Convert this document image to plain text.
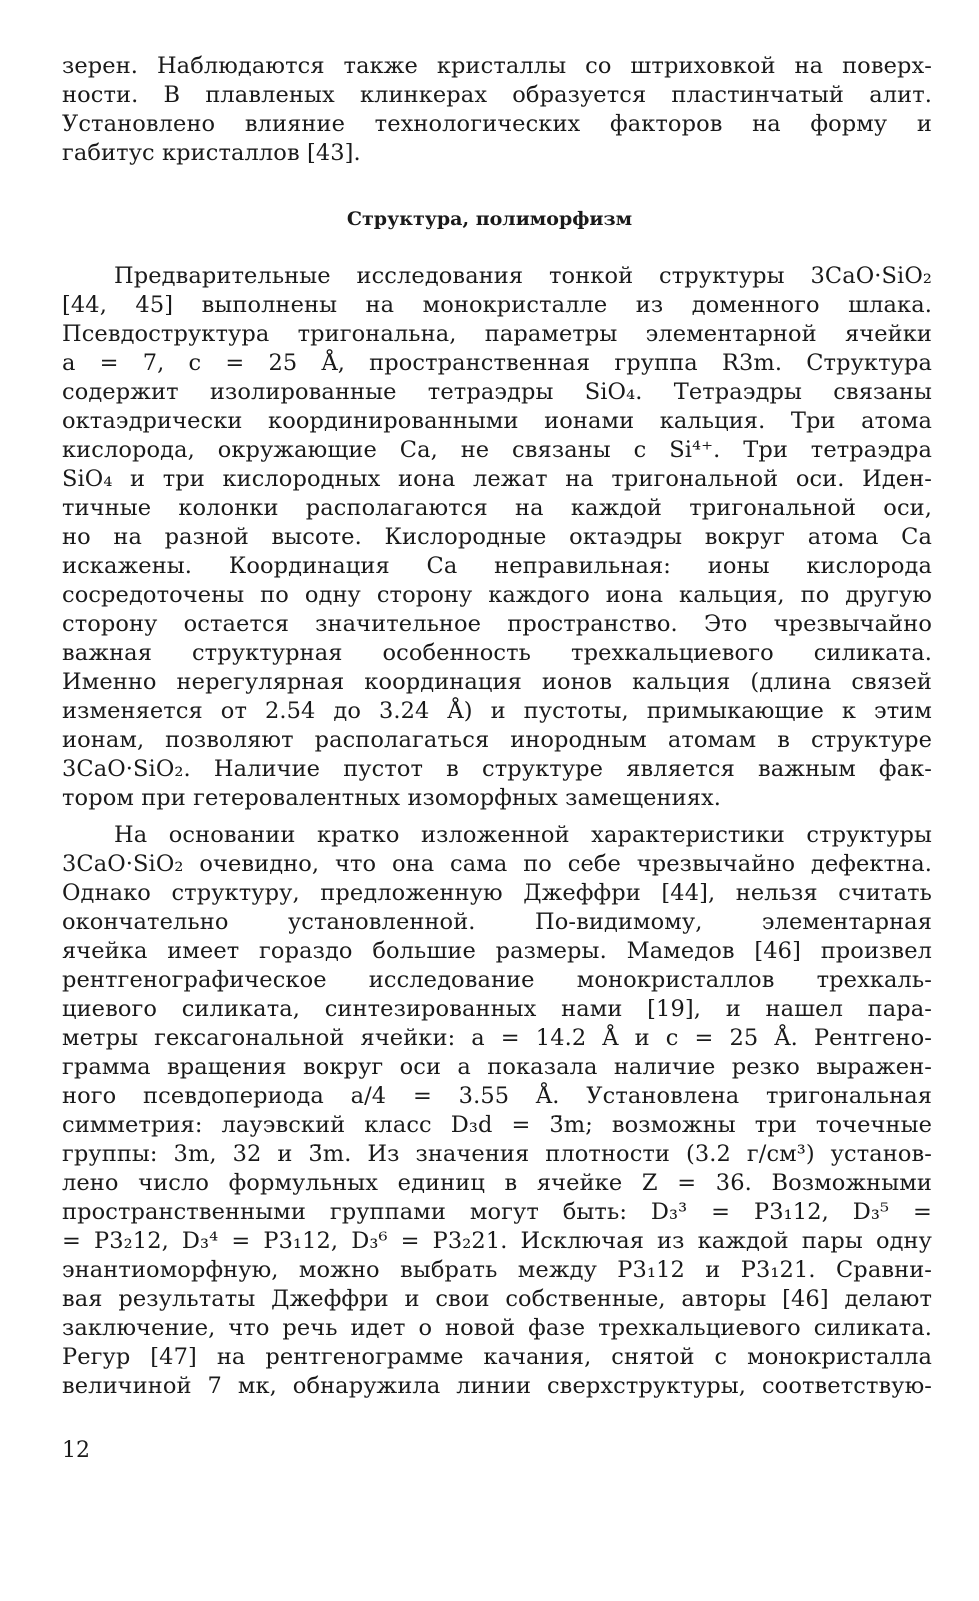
зерен. Наблюдаются также кристаллы со штриховкой на поверх-
ности. В плавленых клинкерах образуется пластинчатый алит.
Установлено влияние технологических факторов на форму и
габитус кристаллов [43].
Структура, полиморфизм
Предварительные исследования тонкой структуры 3CaO·SiO₂
[44, 45] выполнены на монокристалле из доменного шлака.
Псевдоструктура тригональна, параметры элементарной ячейки
a = 7, c = 25 Å, пространственная группа R3m. Структура
содержит изолированные тетраэдры SiO₄. Тетраэдры связаны
октаэдрически координированными ионами кальция. Три атома
кислорода, окружающие Ca, не связаны с Si⁴⁺. Три тетраэдра
SiO₄ и три кислородных иона лежат на тригональной оси. Иден-
тичные колонки располагаются на каждой тригональной оси,
но на разной высоте. Кислородные октаэдры вокруг атома Ca
искажены. Координация Ca неправильная: ионы кислорода
сосредоточены по одну сторону каждого иона кальция, по другую
сторону остается значительное пространство. Это чрезвычайно
важная структурная особенность трехкальциевого силиката.
Именно нерегулярная координация ионов кальция (длина связей
изменяется от 2.54 до 3.24 Å) и пустоты, примыкающие к этим
ионам, позволяют располагаться инородным атомам в структуре
3CaO·SiO₂. Наличие пустот в структуре является важным фак-
тором при гетеровалентных изоморфных замещениях.
На основании кратко изложенной характеристики структуры
3CaO·SiO₂ очевидно, что она сама по себе чрезвычайно дефектна.
Однако структуру, предложенную Джеффри [44], нельзя считать
окончательно установленной. По-видимому, элементарная
ячейка имеет гораздо большие размеры. Мамедов [46] произвел
рентгенографическое исследование монокристаллов трехкаль-
циевого силиката, синтезированных нами [19], и нашел пара-
метры гексагональной ячейки: a = 14.2 Å и c = 25 Å. Рентгено-
грамма вращения вокруг оси a показала наличие резко выражен-
ного псевдопериода a/4 = 3.55 Å. Установлена тригональная
симметрия: лауэвский класс D₃d = 3̄m; возможны три точечные
группы: 3m, 32 и 3̄m. Из значения плотности (3.2 г/см³) установ-
лено число формульных единиц в ячейке Z = 36. Возможными
пространственными группами могут быть: D₃³ = P3₁12, D₃⁵ =
= P3₂12, D₃⁴ = P3₁12, D₃⁶ = P3₂21. Исключая из каждой пары одну
энантиоморфную, можно выбрать между P3₁12 и P3₁21. Сравни-
вая результаты Джеффри и свои собственные, авторы [46] делают
заключение, что речь идет о новой фазе трехкальциевого силиката.
Регур [47] на рентгенограмме качания, снятой с монокристалла
величиной 7 мк, обнаружила линии сверхструктуры, соответствую-
12
